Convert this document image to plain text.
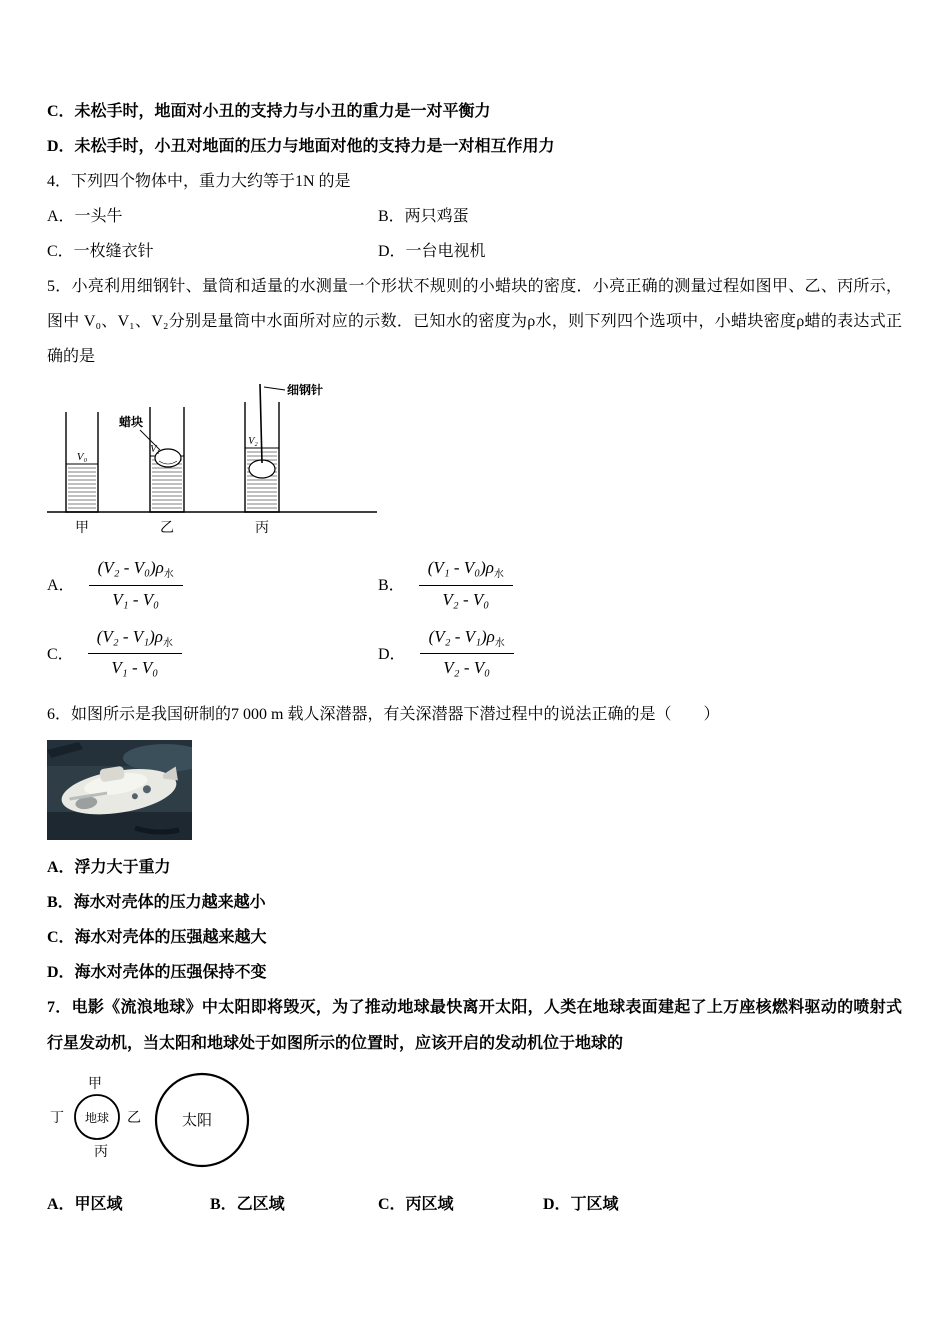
C．未松手时，地面对小丑的支持力与小丑的重力是一对平衡力
D．未松手时，小丑对地面的压力与地面对他的支持力是一对相互作用力
4．下列四个物体中，重力大约等于1N 的是
A．一头牛	B．两只鸡蛋
C．一枚缝衣针	D．一台电视机
5．小亮利用细钢针、量筒和适量的水测量一个形状不规则的小蜡块的密度．小亮正确的测量过程如图甲、乙、丙所示，图中 V₀、V₁、V₂分别是量筒中水面所对应的示数．已知水的密度为ρ水，则下列四个选项中，小蜡块密度ρ蜡的表达式正确的是
V₀
V₁
蜡块
V₂
细钢针
甲	乙	丙
A． $\frac{(V_2 - V_0)\rho_水}{\text{V₁ - V₀}}$	B． $\frac{(V_1 - V_0)\rho_水}{\text{V₂ - V₀}}$
C． $\frac{(V_2 - V_1)\rho_水}{\text{V₁ - V₀}}$	D． $\frac{(V_2 - V_1)\rho_水}{\text{V₂ - V₀}}$
6．如图所示是我国研制的7 000 m 载人深潜器，有关深潜器下潜过程中的说法正确的是（　　）
A．浮力大于重力
B．海水对壳体的压力越来越小
C．海水对壳体的压强越来越大
D．海水对壳体的压强保持不变
7．电影《流浪地球》中太阳即将毁灭，为了推动地球最快离开太阳，人类在地球表面建起了上万座核燃料驱动的喷射式行星发动机，当太阳和地球处于如图所示的位置时，应该开启的发动机位于地球的
地球
甲
丁	乙
丙
太阳
A．甲区域	B．乙区域	C．丙区域	D．丁区域
